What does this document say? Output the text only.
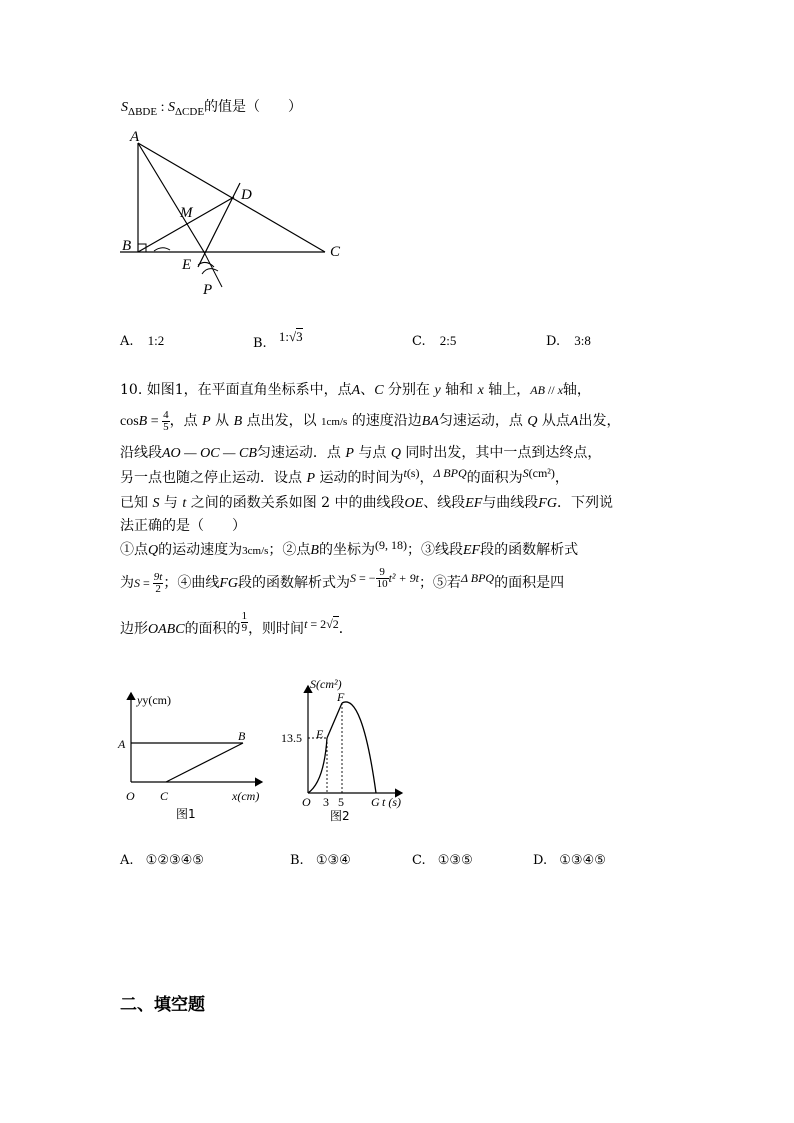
$S_{\Delta BDE}$ : $S_{\Delta CDE}$的值是（　　）
A
B	C
D
E
M
P
A. 1:2	B. 1:√3	C. 2:5	D. 3:8
10. 如图1，在平面直角坐标系中，点A、C 分别在 y 轴和 x 轴上，AB // x轴，
$\cos B = \frac{4}{5}$ ，点 P 从 B 点出发，以 1cm/s 的速度沿边BA匀速运动，点 Q 从点A出发，
沿线段AO — OC — CB匀速运动．点 P 与点 Q 同时出发，其中一点到达终点，
另一点也随之停止运动．设点 P 运动的时间为t(s)，Δ BPQ的面积为S(cm²)，
已知 S 与 t 之间的函数关系如图 2 中的曲线段OE、线段EF与曲线段FG．下列说
法正确的是（　　）
①点Q的运动速度为3cm/s；②点B的坐标为(9, 18)；③线段EF段的函数解析式
为$S = \frac{9t}{2}$ ；④曲线FG段的函数解析式为S = − $\frac{9}{10} t^2 + 9t$；⑤若Δ BPQ的面积是四
边形OABC的面积的 $\frac{1}{9}$ ，则时间t = 2√2．
yy(cm)
x(cm)
A
B
C
O
图1
S(cm²)
13.5 E
F
O 3 5 G t (s)
图2
A. ①②③④⑤	B. ①③④	C. ①③⑤	D. ①③④⑤
二、填空题
